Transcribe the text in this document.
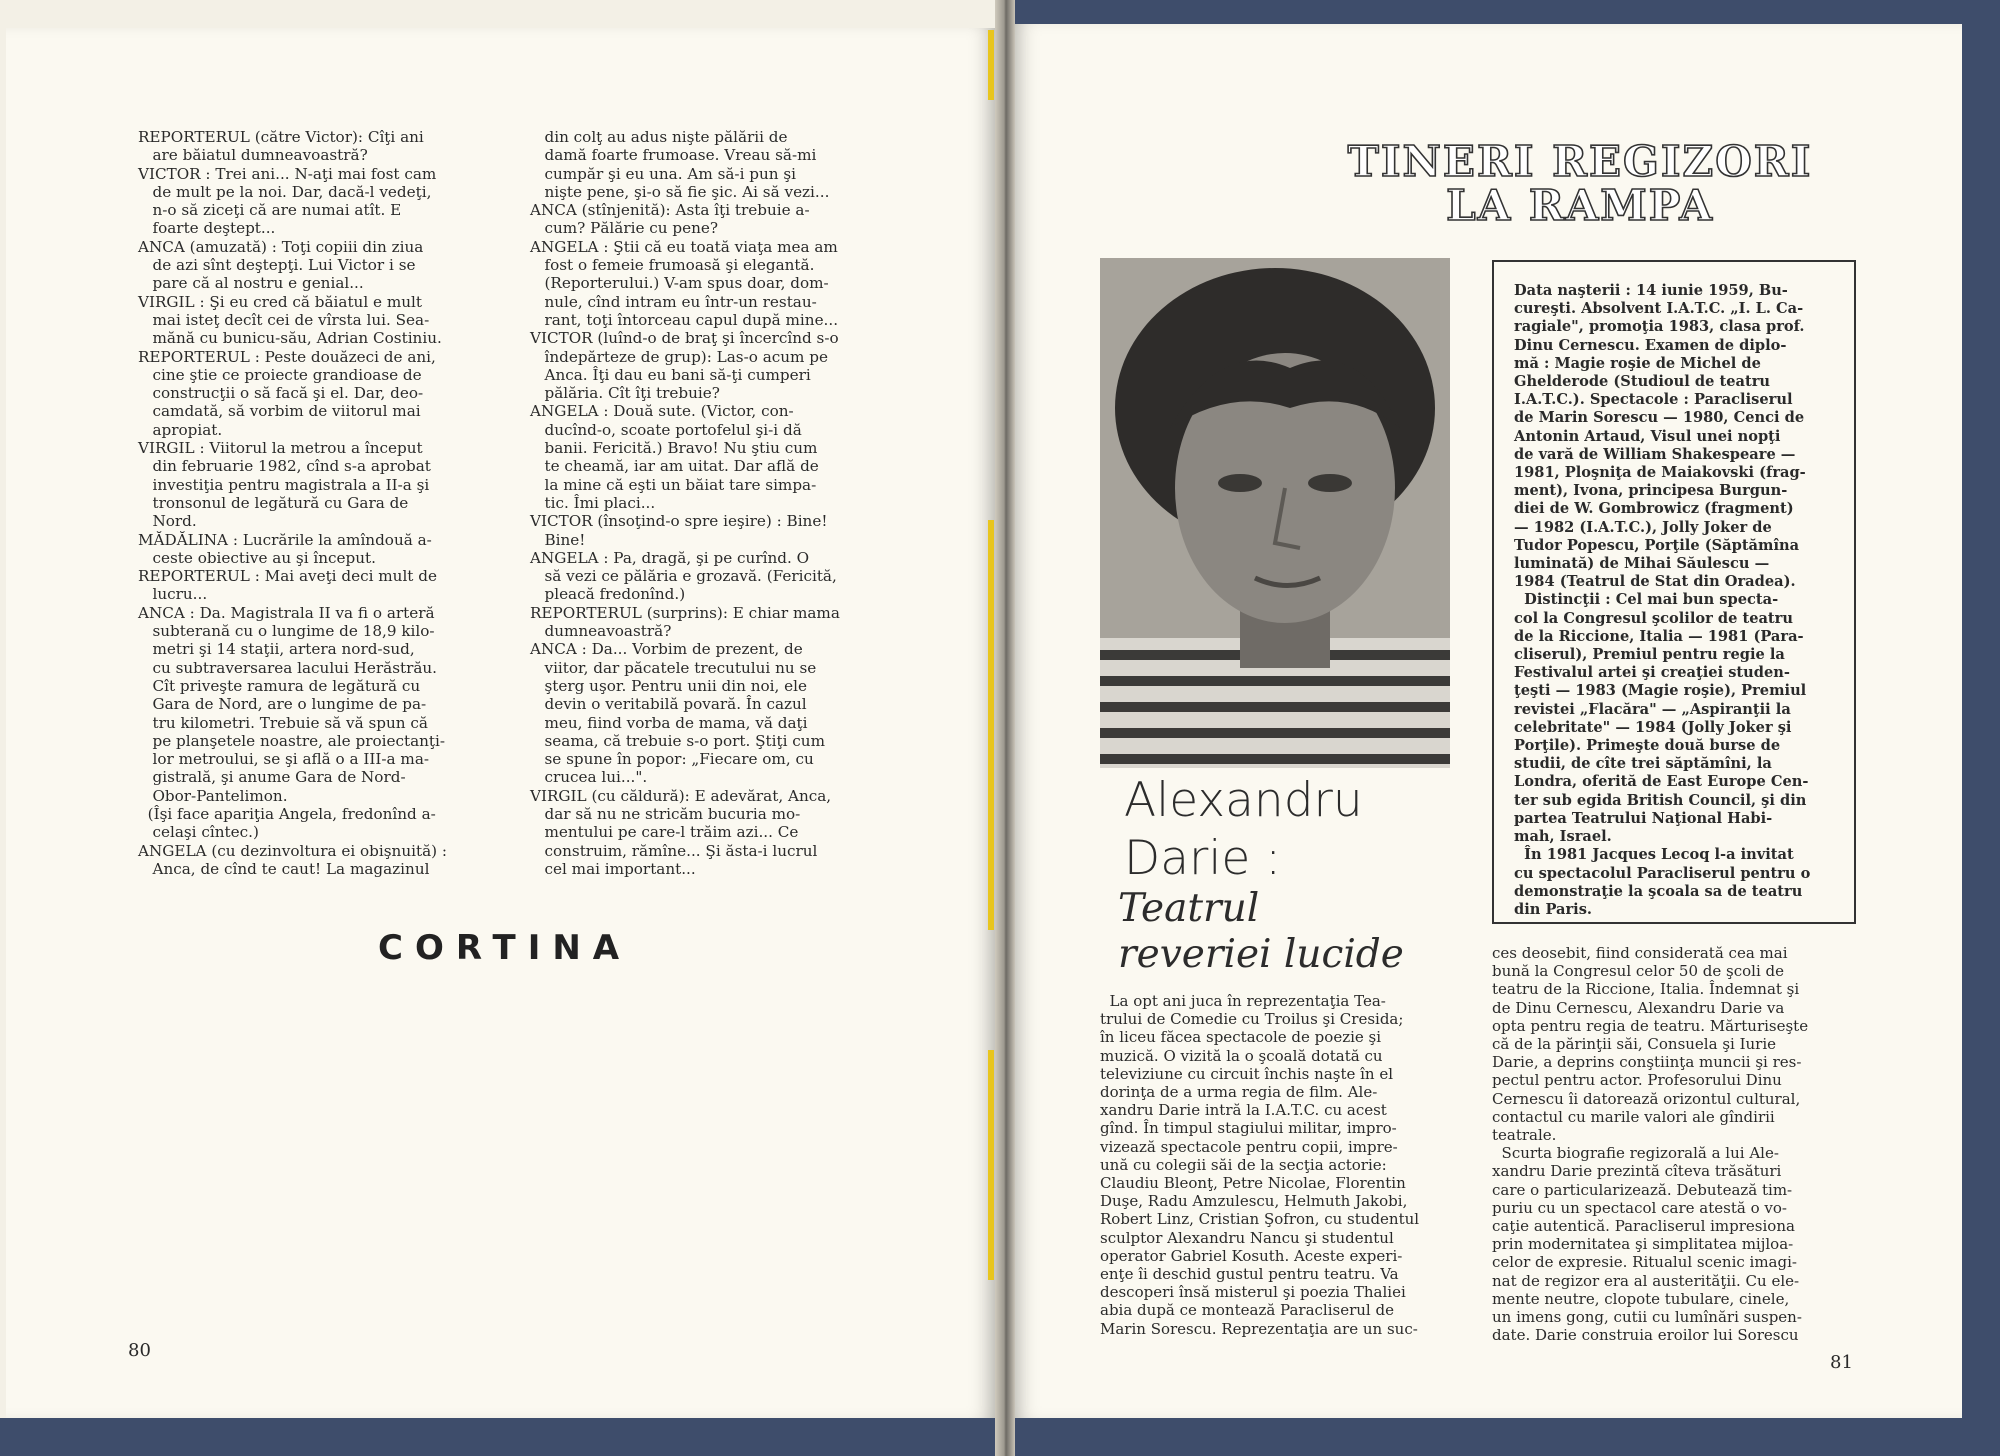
REPORTERUL (către Victor): Cîţi ani
are băiatul dumneavoastră?
VICTOR : Trei ani... N-aţi mai fost cam
de mult pe la noi. Dar, dacă-l vedeţi,
n-o să ziceţi că are numai atît. E
foarte deştept...
ANCA (amuzată) : Toţi copiii din ziua
de azi sînt deştepţi. Lui Victor i se
pare că al nostru e genial...
VIRGIL : Şi eu cred că băiatul e mult
mai isteţ decît cei de vîrsta lui. Sea-
mănă cu bunicu-său, Adrian Costiniu.
REPORTERUL : Peste douăzeci de ani,
cine ştie ce proiecte grandioase de
construcţii o să facă şi el. Dar, deo-
camdată, să vorbim de viitorul mai
apropiat.
VIRGIL : Viitorul la metrou a început
din februarie 1982, cînd s-a aprobat
investiţia pentru magistrala a II-a şi
tronsonul de legătură cu Gara de
Nord.
MĂDĂLINA : Lucrările la amîndouă a-
ceste obiective au şi început.
REPORTERUL : Mai aveţi deci mult de
lucru...
ANCA : Da. Magistrala II va fi o arteră
subterană cu o lungime de 18,9 kilo-
metri şi 14 staţii, artera nord-sud,
cu subtraversarea lacului Herăstrău.
Cît priveşte ramura de legătură cu
Gara de Nord, are o lungime de pa-
tru kilometri. Trebuie să vă spun că
pe planşetele noastre, ale proiectanţi-
lor metroului, se şi află o a III-a ma-
gistrală, şi anume Gara de Nord-
Obor-Pantelimon.
(Îşi face apariţia Angela, fredonînd a-
celaşi cîntec.)
ANGELA (cu dezinvoltura ei obişnuită) :
Anca, de cînd te caut! La magazinul
din colţ au adus nişte pălării de
damă foarte frumoase. Vreau să-mi
cumpăr şi eu una. Am să-i pun şi
nişte pene, şi-o să fie şic. Ai să vezi...
ANCA (stînjenită): Asta îţi trebuie a-
cum? Pălărie cu pene?
ANGELA : Ştii că eu toată viaţa mea am
fost o femeie frumoasă şi elegantă.
(Reporterului.) V-am spus doar, dom-
nule, cînd intram eu într-un restau-
rant, toţi întorceau capul după mine...
VICTOR (luînd-o de braţ şi încercînd s-o
îndepărteze de grup): Las-o acum pe
Anca. Îţi dau eu bani să-ţi cumperi
pălăria. Cît îţi trebuie?
ANGELA : Două sute. (Victor, con-
ducînd-o, scoate portofelul şi-i dă
banii. Fericită.) Bravo! Nu ştiu cum
te cheamă, iar am uitat. Dar află de
la mine că eşti un băiat tare simpa-
tic. Îmi placi...
VICTOR (însoţind-o spre ieşire) : Bine!
Bine!
ANGELA : Pa, dragă, şi pe curînd. O
să vezi ce pălăria e grozavă. (Fericită,
pleacă fredonînd.)
REPORTERUL (surprins): E chiar mama
dumneavoastră?
ANCA : Da... Vorbim de prezent, de
viitor, dar păcatele trecutului nu se
şterg uşor. Pentru unii din noi, ele
devin o veritabilă povară. În cazul
meu, fiind vorba de mama, vă daţi
seama, că trebuie s-o port. Ştiţi cum
se spune în popor: „Fiecare om, cu
crucea lui...".
VIRGIL (cu căldură): E adevărat, Anca,
dar să nu ne stricăm bucuria mo-
mentului pe care-l trăim azi... Ce
construim, rămîne... Şi ăsta-i lucrul
cel mai important...
CORTINA
80
TINERI REGIZORI
LA RAMPA
Alexandru
Darie :
Teatrul
reveriei lucide
Data naşterii : 14 iunie 1959, Bu-
cureşti. Absolvent I.A.T.C. „I. L. Ca-
ragiale", promoţia 1983, clasa prof.
Dinu Cernescu. Examen de diplo-
mă : Magie roşie de Michel de
Ghelderode (Studioul de teatru
I.A.T.C.). Spectacole : Paracliserul
de Marin Sorescu — 1980, Cenci de
Antonin Artaud, Visul unei nopţi
de vară de William Shakespeare —
1981, Ploşniţa de Maiakovski (frag-
ment), Ivona, principesa Burgun-
diei de W. Gombrowicz (fragment)
— 1982 (I.A.T.C.), Jolly Joker de
Tudor Popescu, Porţile (Săptămîna
luminată) de Mihai Săulescu —
1984 (Teatrul de Stat din Oradea).
Distincţii : Cel mai bun specta-
col la Congresul şcolilor de teatru
de la Riccione, Italia — 1981 (Para-
cliserul), Premiul pentru regie la
Festivalul artei şi creaţiei studen-
ţeşti — 1983 (Magie roşie), Premiul
revistei „Flacăra" — „Aspiranţii la
celebritate" — 1984 (Jolly Joker şi
Porţile). Primeşte două burse de
studii, de cîte trei săptămîni, la
Londra, oferită de East Europe Cen-
ter sub egida British Council, şi din
partea Teatrului Naţional Habi-
mah, Israel.
În 1981 Jacques Lecoq l-a invitat
cu spectacolul Paracliserul pentru o
demonstraţie la şcoala sa de teatru
din Paris.
La opt ani juca în reprezentaţia Tea-
trului de Comedie cu Troilus şi Cresida;
în liceu făcea spectacole de poezie şi
muzică. O vizită la o şcoală dotată cu
televiziune cu circuit închis naşte în el
dorinţa de a urma regia de film. Ale-
xandru Darie intră la I.A.T.C. cu acest
gînd. În timpul stagiului militar, impro-
vizează spectacole pentru copii, impre-
ună cu colegii săi de la secţia actorie:
Claudiu Bleonţ, Petre Nicolae, Florentin
Duşe, Radu Amzulescu, Helmuth Jakobi,
Robert Linz, Cristian Şofron, cu studentul
sculptor Alexandru Nancu şi studentul
operator Gabriel Kosuth. Aceste experi-
enţe îi deschid gustul pentru teatru. Va
descoperi însă misterul şi poezia Thaliei
abia după ce montează Paracliserul de
Marin Sorescu. Reprezentaţia are un suc-
ces deosebit, fiind considerată cea mai
bună la Congresul celor 50 de şcoli de
teatru de la Riccione, Italia. Îndemnat şi
de Dinu Cernescu, Alexandru Darie va
opta pentru regia de teatru. Mărturiseşte
că de la părinţii săi, Consuela şi Iurie
Darie, a deprins conştiinţa muncii şi res-
pectul pentru actor. Profesorului Dinu
Cernescu îi datorează orizontul cultural,
contactul cu marile valori ale gîndirii
teatrale.
Scurta biografie regizorală a lui Ale-
xandru Darie prezintă cîteva trăsături
care o particularizează. Debutează tim-
puriu cu un spectacol care atestă o vo-
caţie autentică. Paracliserul impresiona
prin modernitatea şi simplitatea mijloa-
celor de expresie. Ritualul scenic imagi-
nat de regizor era al austerităţii. Cu ele-
mente neutre, clopote tubulare, cinele,
un imens gong, cutii cu lumînări suspen-
date. Darie construia eroilor lui Sorescu
81
